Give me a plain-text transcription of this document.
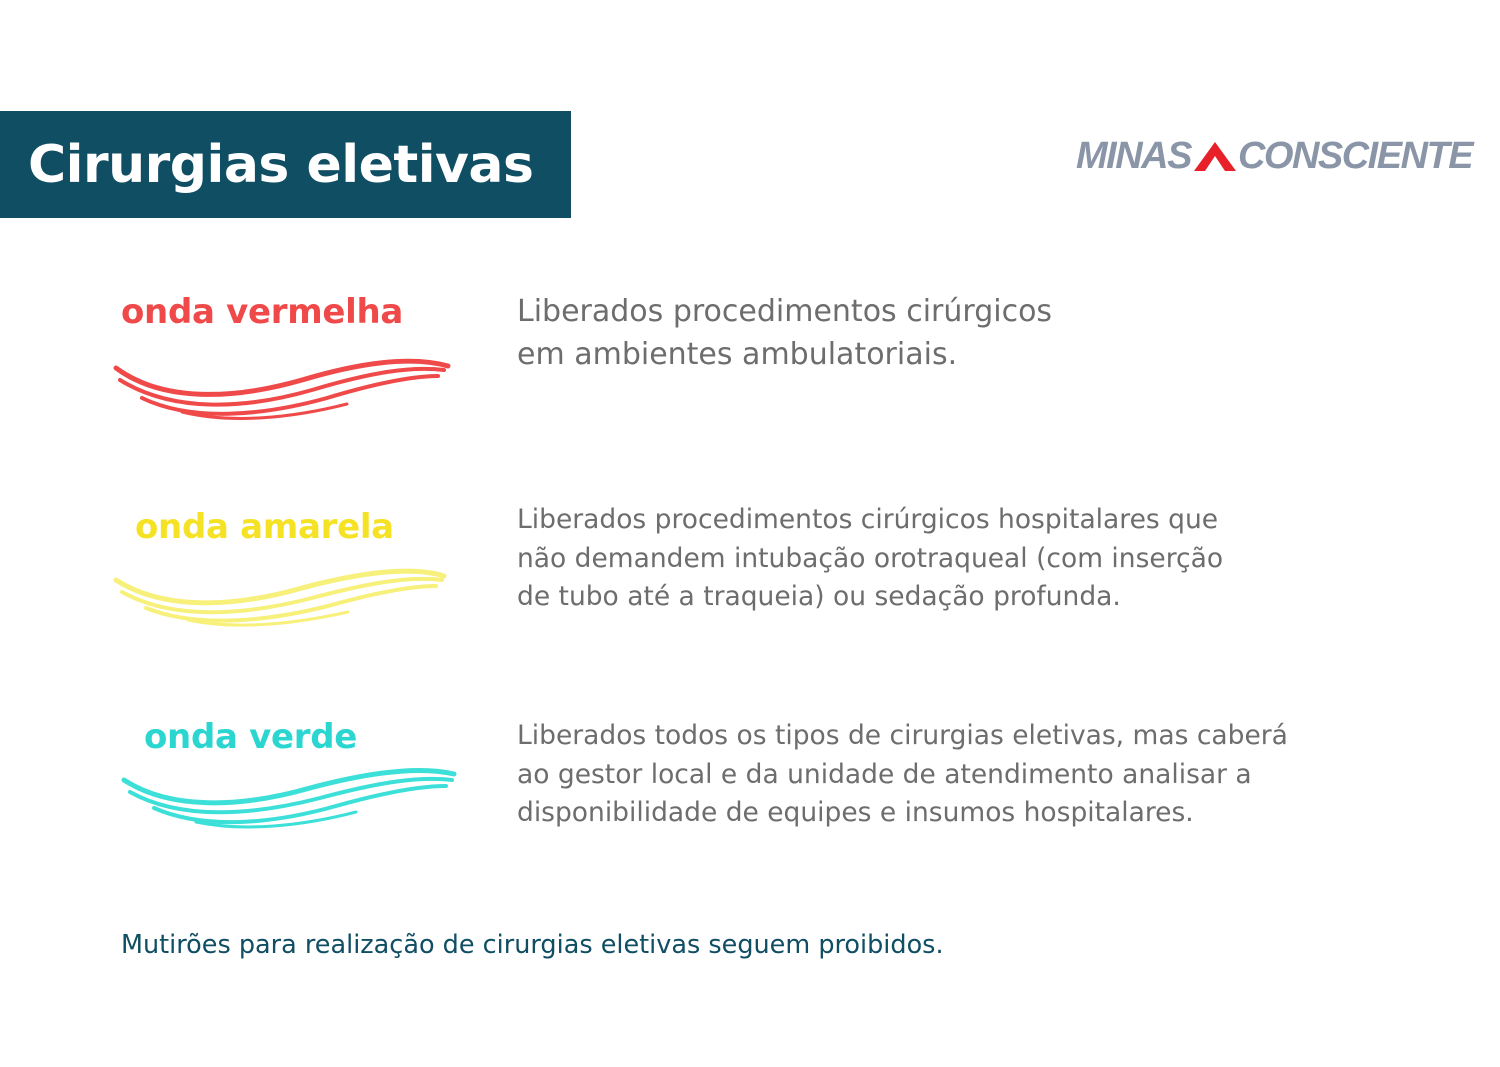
Cirurgias eletivas	MINAS CONSCIENTE
onda vermelha	Liberados procedimentos cirúrgicos
em ambientes ambulatoriais.
onda amarela	Liberados procedimentos cirúrgicos hospitalares que
não demandem intubação orotraqueal (com inserção
de tubo até a traqueia) ou sedação profunda.
onda verde	Liberados todos os tipos de cirurgias eletivas, mas caberá
ao gestor local e da unidade de atendimento analisar a
disponibilidade de equipes e insumos hospitalares.
Mutirões para realização de cirurgias eletivas seguem proibidos.
